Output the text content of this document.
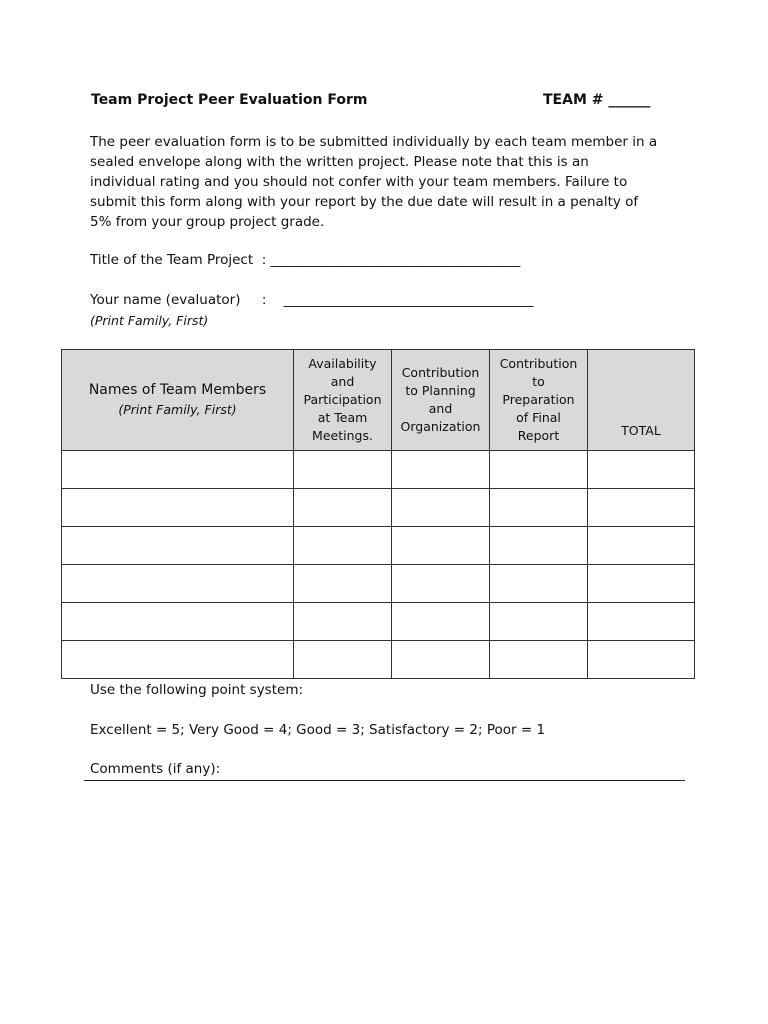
Team Project Peer Evaluation Form	TEAM # ______
The peer evaluation form is to be submitted individually by each team member in a
sealed envelope along with the written project. Please note that this is an
individual rating and you should not confer with your team members. Failure to
submit this form along with your report by the due date will result in a penalty of
5% from your group project grade.
Title of the Team Project  : _____________________________________
Your name (evaluator)     :    _____________________________________
(Print Family, First)
Names of Team Members
(Print Family, First)	Availability
and
Participation
at Team
Meetings.	Contribution
to Planning
and
Organization	Contribution
to
Preparation
of Final
Report	TOTAL

Use the following point system:
Excellent = 5; Very Good = 4; Good = 3; Satisfactory = 2; Poor = 1
Comments (if any):
